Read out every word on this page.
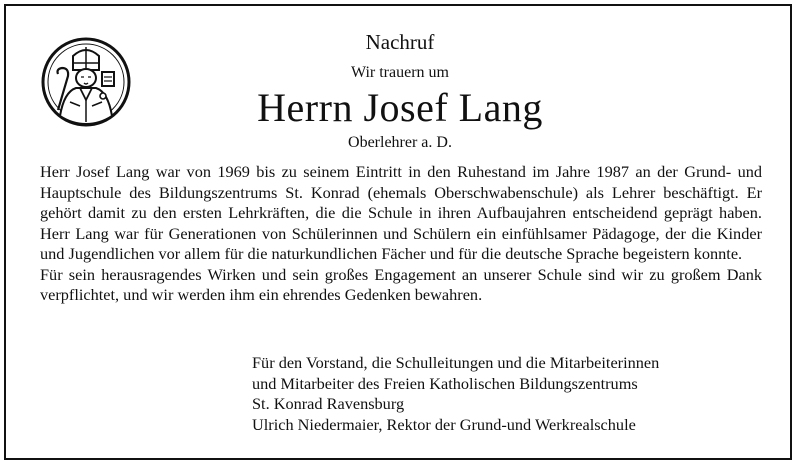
Nachruf
Wir trauern um
Herrn Josef Lang
Oberlehrer a. D.

Herr Josef Lang war von 1969 bis zu seinem Eintritt in den Ruhestand im Jahre 1987 an der Grund- und Hauptschule des Bildungszentrums St. Konrad (ehemals Oberschwabenschule) als Lehrer beschäftigt. Er gehört damit zu den ersten Lehrkräften, die die Schule in ihren Aufbaujahren entscheidend geprägt haben. Herr Lang war für Generationen von Schülerinnen und Schülern ein einfühlsamer Pädagoge, der die Kinder und Jugendlichen vor allem für die naturkundlichen Fächer und für die deutsche Sprache begeistern konnte.

Für sein herausragendes Wirken und sein großes Engagement an unserer Schule sind wir zu großem Dank verpflichtet, und wir werden ihm ein ehrendes Gedenken bewahren.

Für den Vorstand, die Schulleitungen und die Mitarbeiterinnen
und Mitarbeiter des Freien Katholischen Bildungszentrums
St. Konrad Ravensburg
Ulrich Niedermaier, Rektor der Grund-und Werkrealschule
